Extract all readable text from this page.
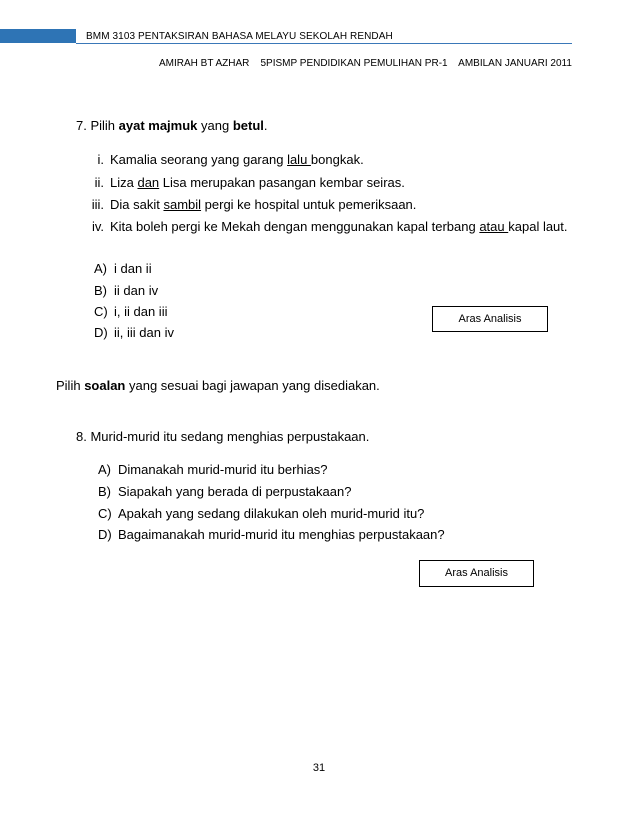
BMM 3103 PENTAKSIRAN BAHASA MELAYU SEKOLAH RENDAH
AMIRAH BT AZHAR    5PISMP PENDIDIKAN PEMULIHAN PR-1    AMBILAN JANUARI 2011
7. Pilih ayat majmuk yang betul.
i. Kamalia seorang yang garang lalu bongkak.
ii. Liza dan Lisa merupakan pasangan kembar seiras.
iii. Dia sakit sambil pergi ke hospital untuk pemeriksaan.
iv. Kita boleh pergi ke Mekah dengan menggunakan kapal terbang atau kapal laut.
A) i dan ii
B) ii dan iv
C) i, ii dan iii
D) ii, iii dan iv
Aras Analisis
Pilih soalan yang sesuai bagi jawapan yang disediakan.
8. Murid-murid itu sedang menghias perpustakaan.
A) Dimanakah murid-murid itu berhias?
B) Siapakah yang berada di perpustakaan?
C) Apakah yang sedang dilakukan oleh murid-murid itu?
D) Bagaimanakah murid-murid itu menghias perpustakaan?
Aras Analisis
31
